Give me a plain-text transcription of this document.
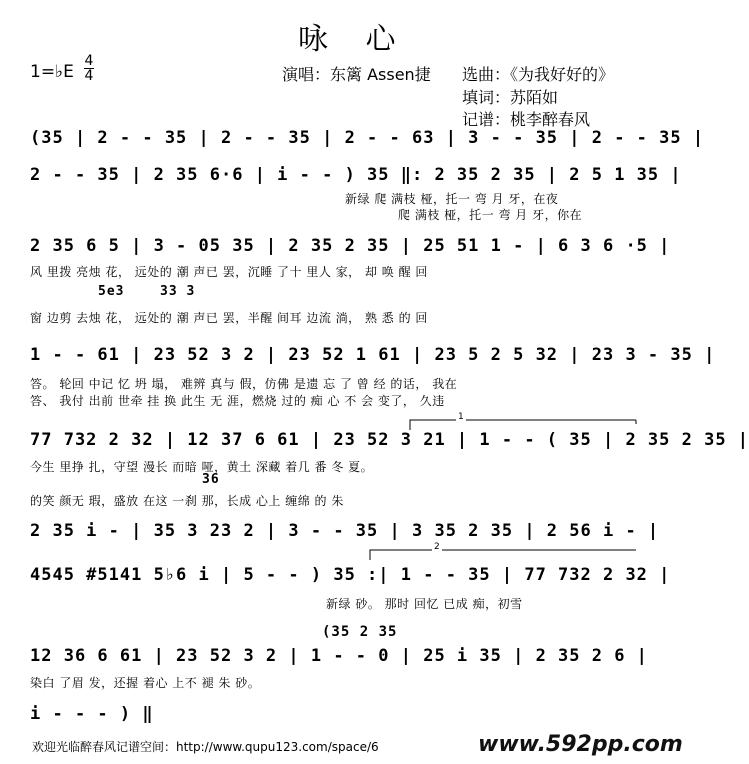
咏 心
1=♭E
4
4	演唱：东篱 Assen捷 选曲：《为我好好的》
填词：苏陌如
记谱：桃李醉春风
(35 | 2 - - 35 | 2 - - 35 | 2 - - 63 | 3 - - 35 | 2 - - 35 |
2 - - 35 | 2 35 6·6 | i - - ) 35 ‖: 2 35 2 35 | 2 5 1 35 |
新绿 爬 满枝 桠，托一 弯 月 牙，在夜
爬 满枝 桠，托一 弯 月 牙，你在
2 35 6 5 | 3 - 05 35 | 2 35 2 35 | 25 51 1 - | 6 3 6 ·5 |
风 里拨 亮烛 花， 远处的 潮 声已 罢，沉睡 了十 里人 家， 却 唤 醒 回
5e3	33 3
窗 边剪 去烛 花， 远处的 潮 声已 罢，半醒 间耳 边流 淌， 熟 悉 的 回
1 - - 61 | 23 52 3 2 | 23 52 1 61 | 23 5 2 5 32 | 23 3 - 35 |
答。 轮回 中记 忆 坍 塌， 难辨 真与 假，仿佛 是遗 忘 了 曾 经 的话， 我在
答、 我付 出前 世牵 挂 换 此生 无 涯，燃烧 过的 痴 心 不 会 变了， 久违
77 732 2 32 | 12 37 6 61 | 23 52 3 21 | 1 - - ( 35 | 2 35 2 35 |
今生 里挣 扎，守望 漫长 而暗 哑，黄土 深藏 着几 番 冬 夏。
36
的笑 颜无 瑕，盛放 在这 一刹 那，长成 心上 缠绵 的 朱
2 35 i - | 35 3 23 2 | 3 - - 35 | 3 35 2 35 | 2 56 i - |
4545 #5141 5♭6 i | 5 - - ) 35 :| 1 - - 35 | 77 732 2 32 |
新绿 砂。 那时 回忆 已成 痴，初雪
(35 2 35
12 36 6 61 | 23 52 3 2 | 1 - - 0 | 25 i 35 | 2 35 2 6 |
染白 了眉 发，还握 着心 上不 褪 朱 砂。
i - - - ) ‖
1
2
欢迎光临醉春风记谱空间：http://www.qupu123.com/space/6	www.592pp.com
